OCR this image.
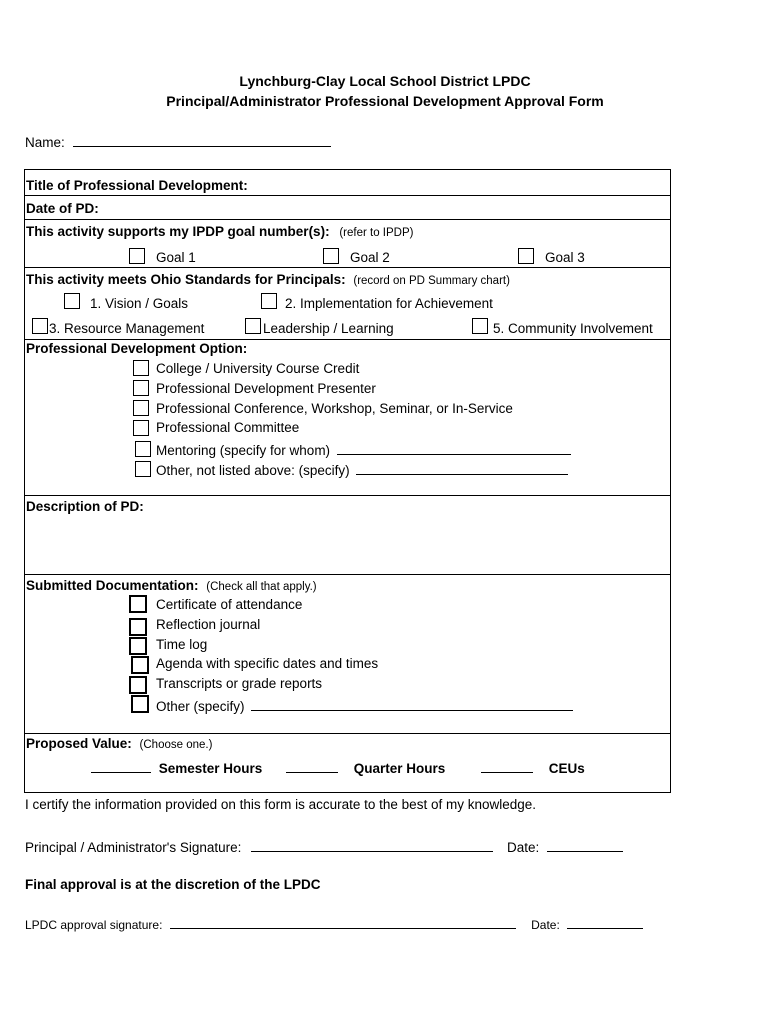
Lynchburg-Clay Local School District LPDC
Principal/Administrator Professional Development Approval Form
Name:
Title of Professional Development:
Date of PD:
This activity supports my IPDP goal number(s): (refer to IPDP)
Goal 1	Goal 2	Goal 3
This activity meets Ohio Standards for Principals: (record on PD Summary chart)
1. Vision / Goals	2. Implementation for Achievement
3. Resource Management	Leadership / Learning	5. Community Involvement
Professional Development Option:
College / University Course Credit
Professional Development Presenter
Professional Conference, Workshop, Seminar, or In-Service
Professional Committee
Mentoring (specify for whom)
Other, not listed above: (specify)
Description of PD:
Submitted Documentation: (Check all that apply.)
Certificate of attendance
Reflection journal
Time log
Agenda with specific dates and times
Transcripts or grade reports
Other (specify)
Proposed Value: (Choose one.)
Semester Hours	Quarter Hours	CEUs
I certify the information provided on this form is accurate to the best of my knowledge.
Principal / Administrator's Signature:	Date:
Final approval is at the discretion of the LPDC
LPDC approval signature:	Date:
